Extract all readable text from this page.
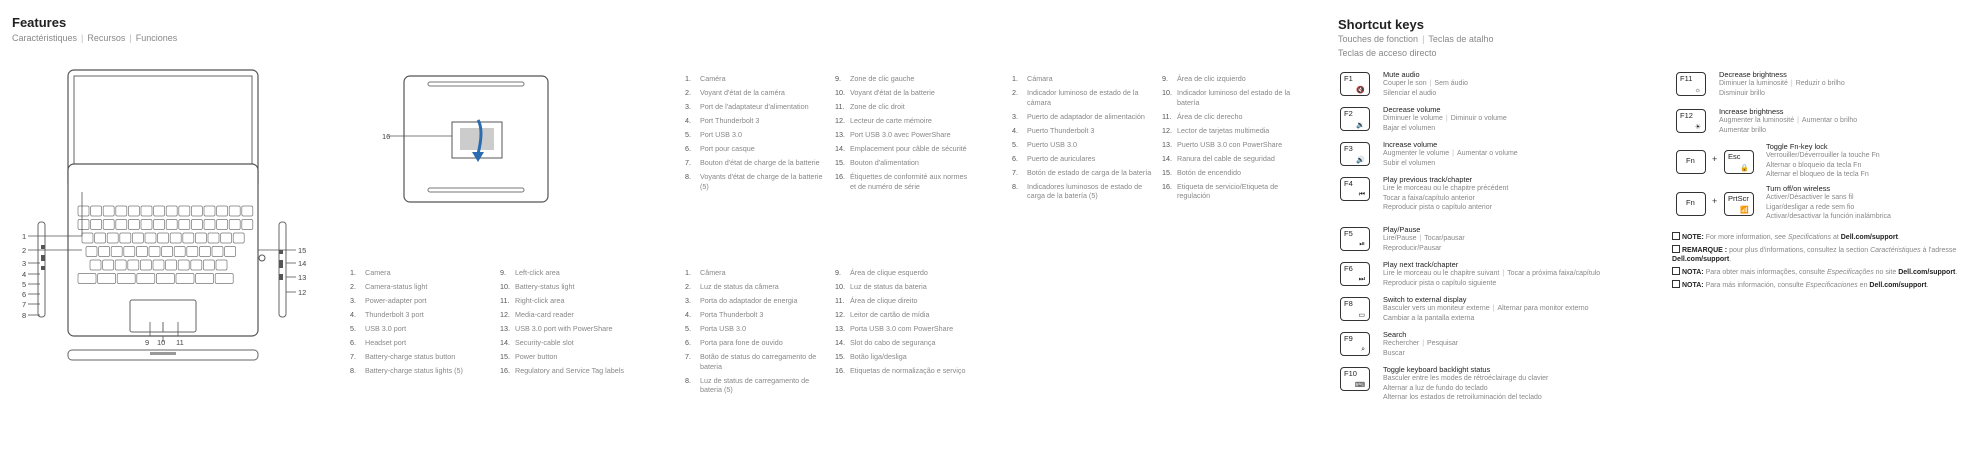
Features
Caractéristiques | Recursos | Funciones
1
2
3
4
5
6
7
8
15
14
13
12
9 10 11
DELL
16
1.	Caméra
2.	Voyant d'état de la caméra
3.	Port de l'adaptateur d'alimentation
4.	Port Thunderbolt 3
5.	Port USB 3.0
6.	Port pour casque
7.	Bouton d'état de charge de la batterie
8.	Voyants d'état de charge de la batterie (5)
9.	Zone de clic gauche
10. Voyant d'état de la batterie
11. Zone de clic droit
12. Lecteur de carte mémoire
13. Port USB 3.0 avec PowerShare
14. Emplacement pour câble de sécurité
15. Bouton d'alimentation
16. Étiquettes de conformité aux normes et de numéro de série
1.	Camera
2.	Camera-status light
3.	Power-adapter port
4.	Thunderbolt 3 port
5.	USB 3.0 port
6.	Headset port
7.	Battery-charge status button
8.	Battery-charge status lights (5)
9.	Left-click area
10. Battery-status light
11. Right-click area
12. Media-card reader
13. USB 3.0 port with PowerShare
14. Security-cable slot
15. Power button
16. Regulatory and Service Tag labels
1.	Câmera
2.	Luz de status da câmera
3.	Porta do adaptador de energia
4.	Porta Thunderbolt 3
5.	Porta USB 3.0
6.	Porta para fone de ouvido
7.	Botão de status do carregamento de bateria
8.	Luz de status de carregamento de bateria (5)
9.	Área de clique esquerdo
10. Luz de status da bateria
11. Área de clique direito
12. Leitor de cartão de mídia
13. Porta USB 3.0 com PowerShare
14. Slot do cabo de segurança
15. Botão liga/desliga
16. Etiquetas de normalização e serviço
1.	Cámara
2.	Indicador luminoso de estado de la cámara
3.	Puerto de adaptador de alimentación
4.	Puerto Thunderbolt 3
5.	Puerto USB 3.0
6.	Puerto de auriculares
7.	Botón de estado de carga de la batería
8.	Indicadores luminosos de estado de carga de la batería (5)
9.	Área de clic izquierdo
10. Indicador luminoso del estado de la batería
11. Área de clic derecho
12. Lector de tarjetas multimedia
13. Puerto USB 3.0 con PowerShare
14. Ranura del cable de seguridad
15. Botón de encendido
16. Etiqueta de servicio/Etiqueta de regulación
Shortcut keys
Touches de fonction | Teclas de atalho
Teclas de acceso directo
F1
🔇
Mute audio
Couper le son | Sem áudio
Silenciar el audio
F2
🔉
Decrease volume
Diminuer le volume | Diminuir o volume
Bajar el volumen
F3
🔊
Increase volume
Augmenter le volume | Aumentar o volume
Subir el volumen
F4
⏮
Play previous track/chapter
Lire le morceau ou le chapitre précédent
Tocar a faixa/capítulo anterior
Reproducir pista o capítulo anterior
F5
⏯
Play/Pause
Lire/Pause | Tocar/pausar
Reproducir/Pausar
F6
⏭
Play next track/chapter
Lire le morceau ou le chapitre suivant | Tocar a próxima faixa/capítulo
Reproducir pista o capítulo siguiente
F8
▭
Switch to external display
Basculer vers un moniteur externe | Alternar para monitor externo
Cambiar a la pantalla externa
F9
⌕
Search
Rechercher | Pesquisar
Buscar
F10
⌨
Toggle keyboard backlight status
Basculer entre les modes de rétroéclairage du clavier
Alternar a luz de fundo do teclado
Alternar los estados de retroiluminación del teclado
F11
☼
Decrease brightness
Diminuer la luminosité | Reduzir o brilho
Disminuir brillo
F12
☀
Increase brightness
Augmenter la luminosité | Aumentar o brilho
Aumentar brillo
Fn + Esc
🔒
Toggle Fn-key lock
Verrouiller/Déverrouiller la touche Fn
Alternar o bloqueio da tecla Fn
Alternar el bloqueo de la tecla Fn
Fn + PrtScr
📶
Turn off/on wireless
Activer/Désactiver le sans fil
Ligar/desligar a rede sem fio
Activar/desactivar la función inalámbrica
NOTE: For more information, see Specifications at Dell.com/support.
REMARQUE : pour plus d'informations, consultez la section Caractéristiques à l'adresse Dell.com/support.
NOTA: Para obter mais informações, consulte Especificações no site Dell.com/support.
NOTA: Para más información, consulte Especificaciones en Dell.com/support.
